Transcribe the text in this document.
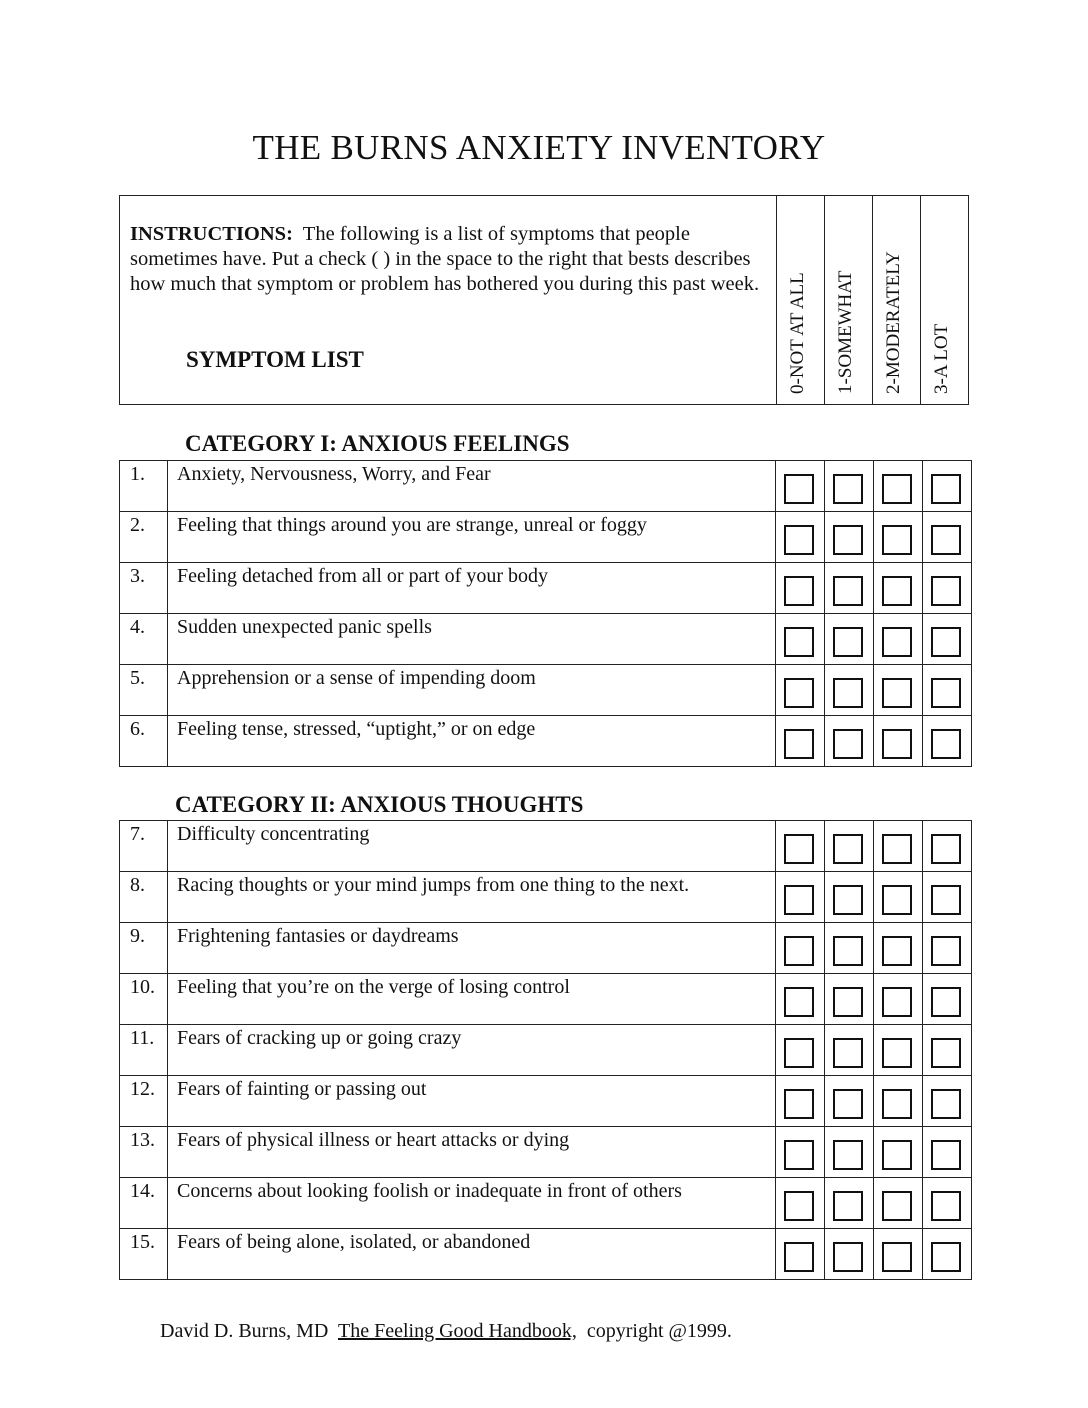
THE BURNS ANXIETY INVENTORY
INSTRUCTIONS: The following is a list of symptoms that people sometimes have. Put a check ( ) in the space to the right that bests describes how much that symptom or problem has bothered you during this past week.
SYMPTOM LIST	0-NOT AT ALL 1-SOMEWHAT 2-MODERATELY 3-A LOT
CATEGORY I: ANXIOUS FEELINGS
1.	Anxiety, Nervousness, Worry, and Fear	

2.	Feeling that things around you are strange, unreal or foggy	

3.	Feeling detached from all or part of your body	

4.	Sudden unexpected panic spells	

5.	Apprehension or a sense of impending doom	

6.	Feeling tense, stressed, “uptight,” or on edge	

CATEGORY II: ANXIOUS THOUGHTS
7.	Difficulty concentrating	

8.	Racing thoughts or your mind jumps from one thing to the next.	

9.	Frightening fantasies or daydreams	

10.	Feeling that you’re on the verge of losing control	

11.	Fears of cracking up or going crazy	

12.	Fears of fainting or passing out	

13.	Fears of physical illness or heart attacks or dying	

14.	Concerns about looking foolish or inadequate in front of others	

15.	Fears of being alone, isolated, or abandoned	

David D. Burns, MD The Feeling Good Handbook, copyright @1999.
